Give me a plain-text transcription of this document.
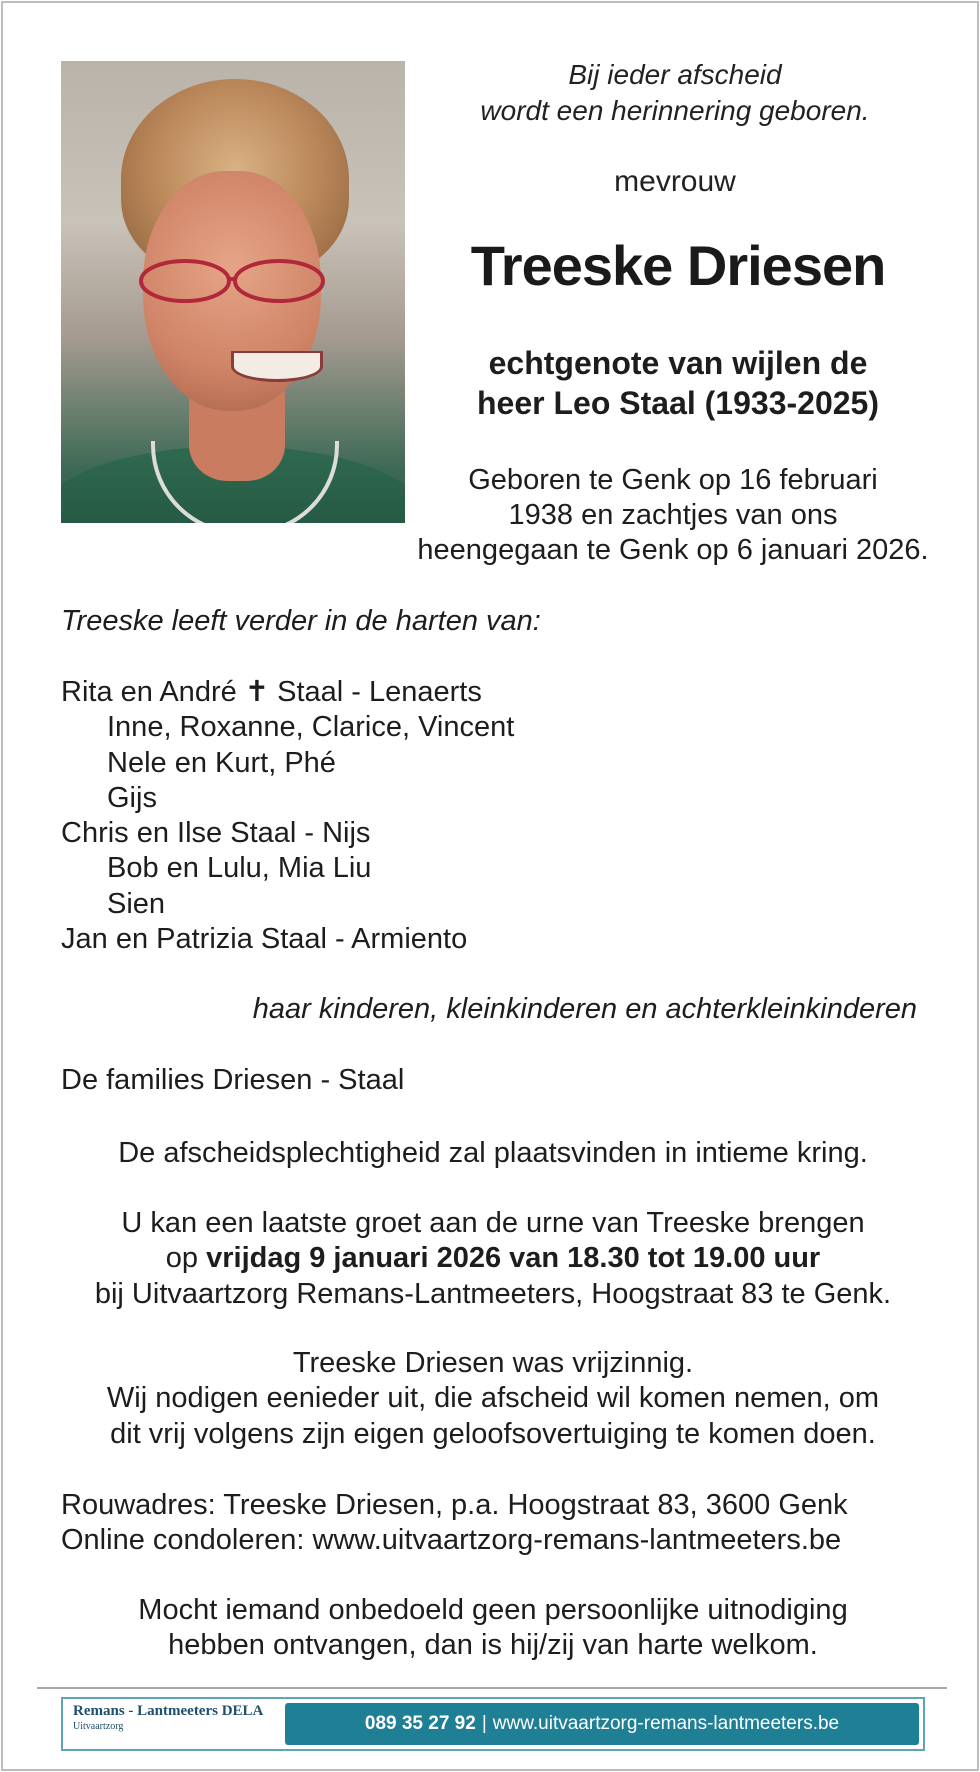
Bij ieder afscheid
wordt een herinnering geboren.
mevrouw
Treeske Driesen
echtgenote van wijlen de
heer Leo Staal (1933-2025)
Geboren te Genk op 16 februari
1938 en zachtjes van ons
heengegaan te Genk op 6 januari 2026.
Treeske leeft verder in de harten van:
Rita en André ✝ Staal - Lenaerts
Inne, Roxanne, Clarice, Vincent
Nele en Kurt, Phé
Gijs
Chris en Ilse Staal - Nijs
Bob en Lulu, Mia Liu
Sien
Jan en Patrizia Staal - Armiento
haar kinderen, kleinkinderen en achterkleinkinderen
De families Driesen - Staal
De afscheidsplechtigheid zal plaatsvinden in intieme kring.
U kan een laatste groet aan de urne van Treeske brengen
op vrijdag 9 januari 2026 van 18.30 tot 19.00 uur
bij Uitvaartzorg Remans-Lantmeeters, Hoogstraat 83 te Genk.
Treeske Driesen was vrijzinnig.
Wij nodigen eenieder uit, die afscheid wil komen nemen, om
dit vrij volgens zijn eigen geloofsovertuiging te komen doen.
Rouwadres: Treeske Driesen, p.a. Hoogstraat 83, 3600 Genk
Online condoleren: www.uitvaartzorg-remans-lantmeeters.be
Mocht iemand onbedoeld geen persoonlijke uitnodiging
hebben ontvangen, dan is hij/zij van harte welkom.
Remans - Lantmeeters DELA
Uitvaartzorg	089 35 27 92 | www.uitvaartzorg-remans-lantmeeters.be
